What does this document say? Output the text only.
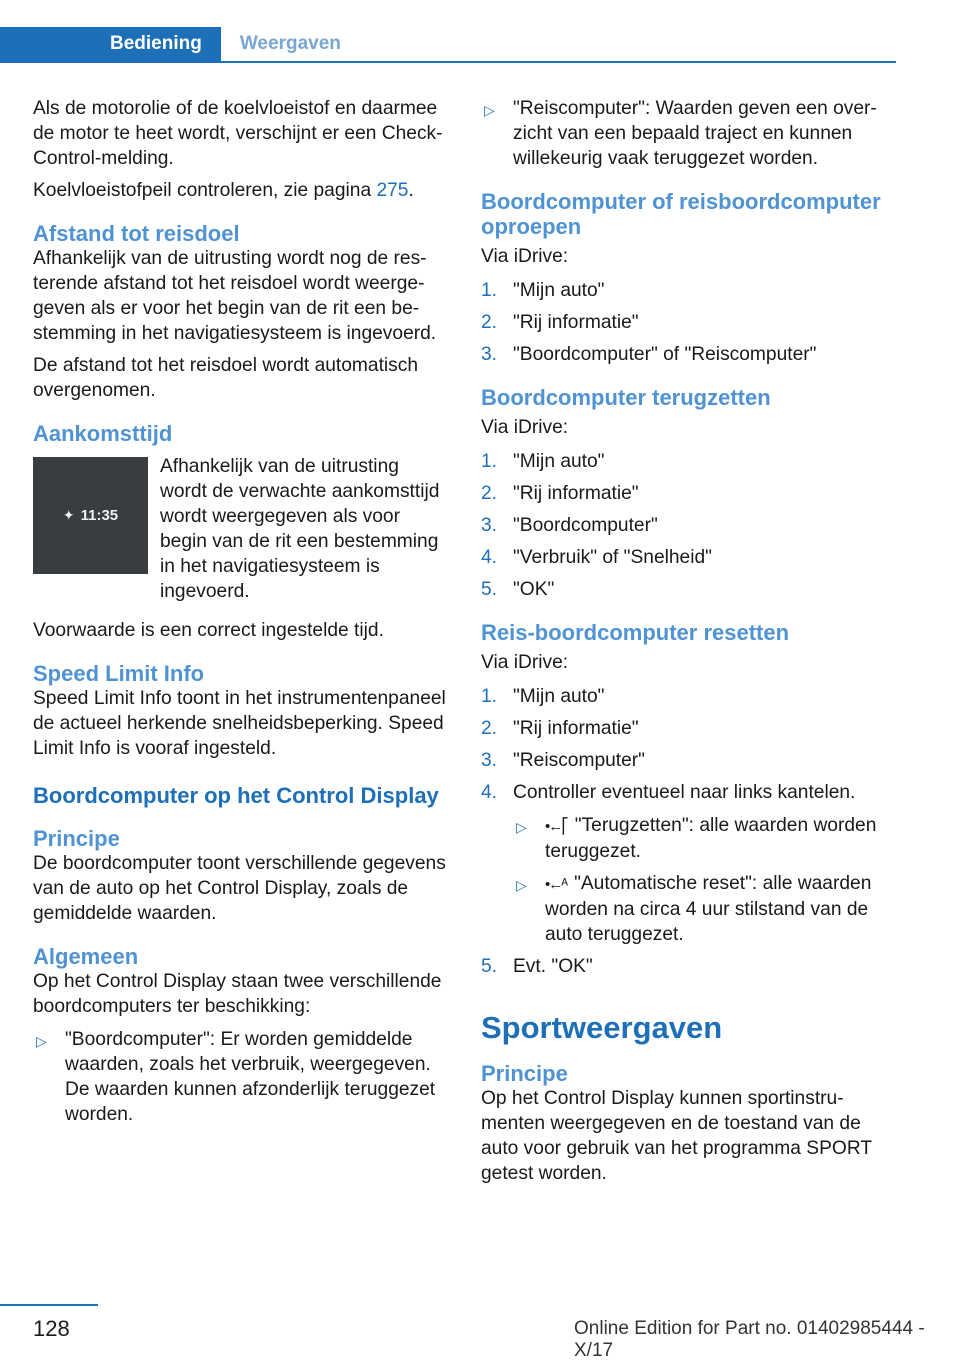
Bediening	Weergaven

Als de motorolie of de koelvloeistof en daarmee de motor te heet wordt, verschijnt er een Check-Control-melding.

Koelvloeistofpeil controleren, zie pagina 275.

Afstand tot reisdoel

Afhankelijk van de uitrusting wordt nog de resterende afstand tot het reisdoel wordt weergegeven als er voor het begin van de rit een bestemming in het navigatiesysteem is ingevoerd.

De afstand tot het reisdoel wordt automatisch overgenomen.

Aankomsttijd
✦ 11:35

Afhankelijk van de uitrusting wordt de verwachte aankomsttijd wordt weergegeven als voor begin van de rit een bestemming in het navigatiesysteem is ingevoerd.

Voorwaarde is een correct ingestelde tijd.

Speed Limit Info

Speed Limit Info toont in het instrumentenpaneel de actueel herkende snelheidsbeperking. Speed Limit Info is vooraf ingesteld.

Boordcomputer op het Control Display
Principe

De boordcomputer toont verschillende gegevens van de auto op het Control Display, zoals de gemiddelde waarden.

Algemeen

Op het Control Display staan twee verschillende boordcomputers ter beschikking:

▷ "Boordcomputer": Er worden gemiddelde waarden, zoals het verbruik, weergegeven. De waarden kunnen afzonderlijk teruggezet worden.
▷ "Reiscomputer": Waarden geven een overzicht van een bepaald traject en kunnen willekeurig vaak teruggezet worden.
Boordcomputer of reisboordcomputer oproepen

Via iDrive:

1. "Mijn auto"
2. "Rij informatie"
3. "Boordcomputer" of "Reiscomputer"
Boordcomputer terugzetten

Via iDrive:

1. "Mijn auto"
2. "Rij informatie"
3. "Boordcomputer"
4. "Verbruik" of "Snelheid"
5. "OK"
Reis-boordcomputer resetten

Via iDrive:

1. "Mijn auto"
2. "Rij informatie"
3. "Reiscomputer"
4. Controller eventueel naar links kantelen.
▷ •←⎡ "Terugzetten": alle waarden worden teruggezet.
▷ •←ᴬ "Automatische reset": alle waarden worden na circa 4 uur stilstand van de auto teruggezet.
5. Evt. "OK"
Sportweergaven
Principe

Op het Control Display kunnen sportinstrumenten weergegeven en de toestand van de auto voor gebruik van het programma SPORT getest worden.

128	Online Edition for Part no. 01402985444 - X/17
